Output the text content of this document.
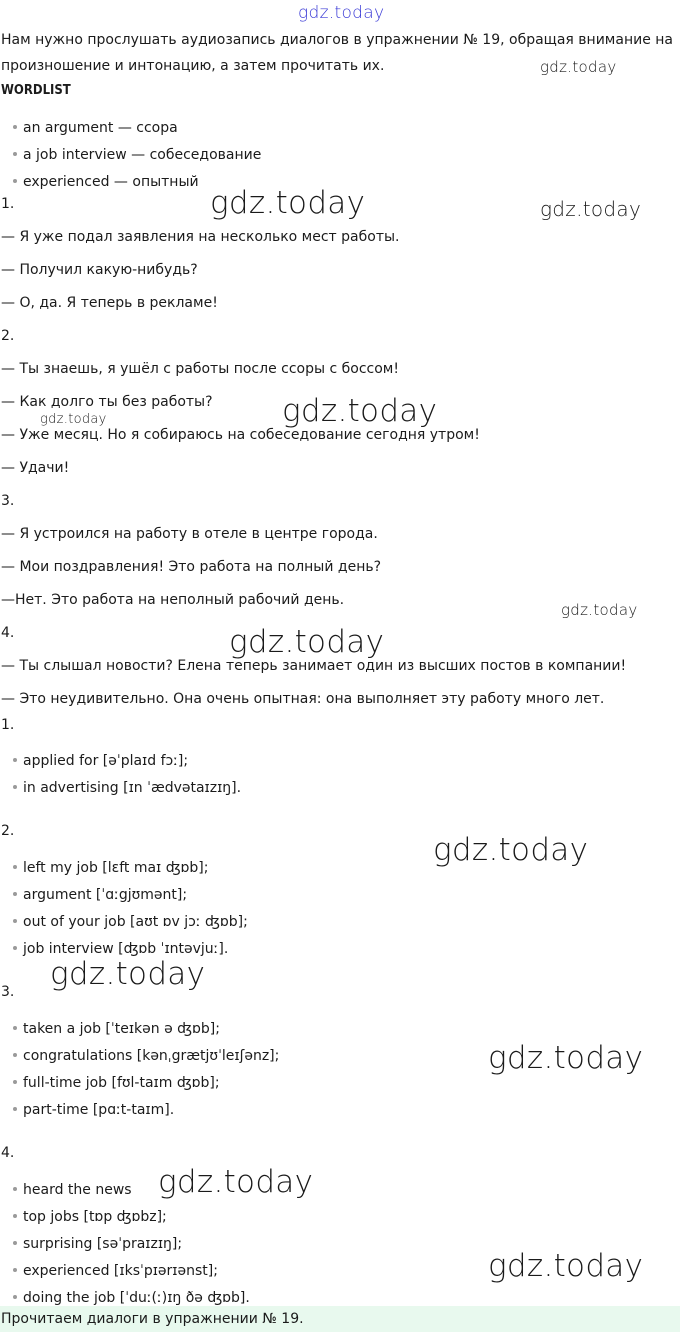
gdz.today
gdz.today
gdz.today	gdz.today
gdz.today
gdz.today
gdz.today
gdz.today
gdz.today
gdz.today
gdz.today
gdz.today
gdz.today
Нам нужно прослушать аудиозапись диалогов в упражнении № 19, обращая внимание на
произношение и интонацию, а затем прочитать их.
WORDLIST
an argument — ссора
a job interview — собеседование
experienced — опытный
1.
— Я уже подал заявления на несколько мест работы.
— Получил какую-нибудь?
— О, да. Я теперь в рекламе!
2.
— Ты знаешь, я ушёл с работы после ссоры с боссом!
— Как долго ты без работы?
— Уже месяц. Но я собираюсь на собеседование сегодня утром!
— Удачи!
3.
— Я устроился на работу в отеле в центре города.
— Мои поздравления! Это работа на полный день?
—Нет. Это работа на неполный рабочий день.
4.
— Ты слышал новости? Елена теперь занимает один из высших постов в компании!
— Это неудивительно. Она очень опытная: она выполняет эту работу много лет.
1.
applied for [əˈplaɪd fɔː];
in advertising [ɪn ˈædvətaɪzɪŋ].
2.
left my job [lɛft maɪ ʤɒb];
argument [ˈɑːgjʊmənt];
out of your job [aʊt ɒv jɔː ʤɒb];
job interview [ʤɒb ˈɪntəvjuː].
3.
taken a job [ˈteɪkən ə ʤɒb];
congratulations [kənˌgrætjʊˈleɪʃənz];
full-time job [fʊl-taɪm ʤɒb];
part-time [pɑːt-taɪm].
4.
heard the news
top jobs [tɒp ʤɒbz];
surprising [səˈpraɪzɪŋ];
experienced [ɪksˈpɪərɪənst];
doing the job [ˈduː(ː)ɪŋ ðə ʤɒb].
Прочитаем диалоги в упражнении № 19.
